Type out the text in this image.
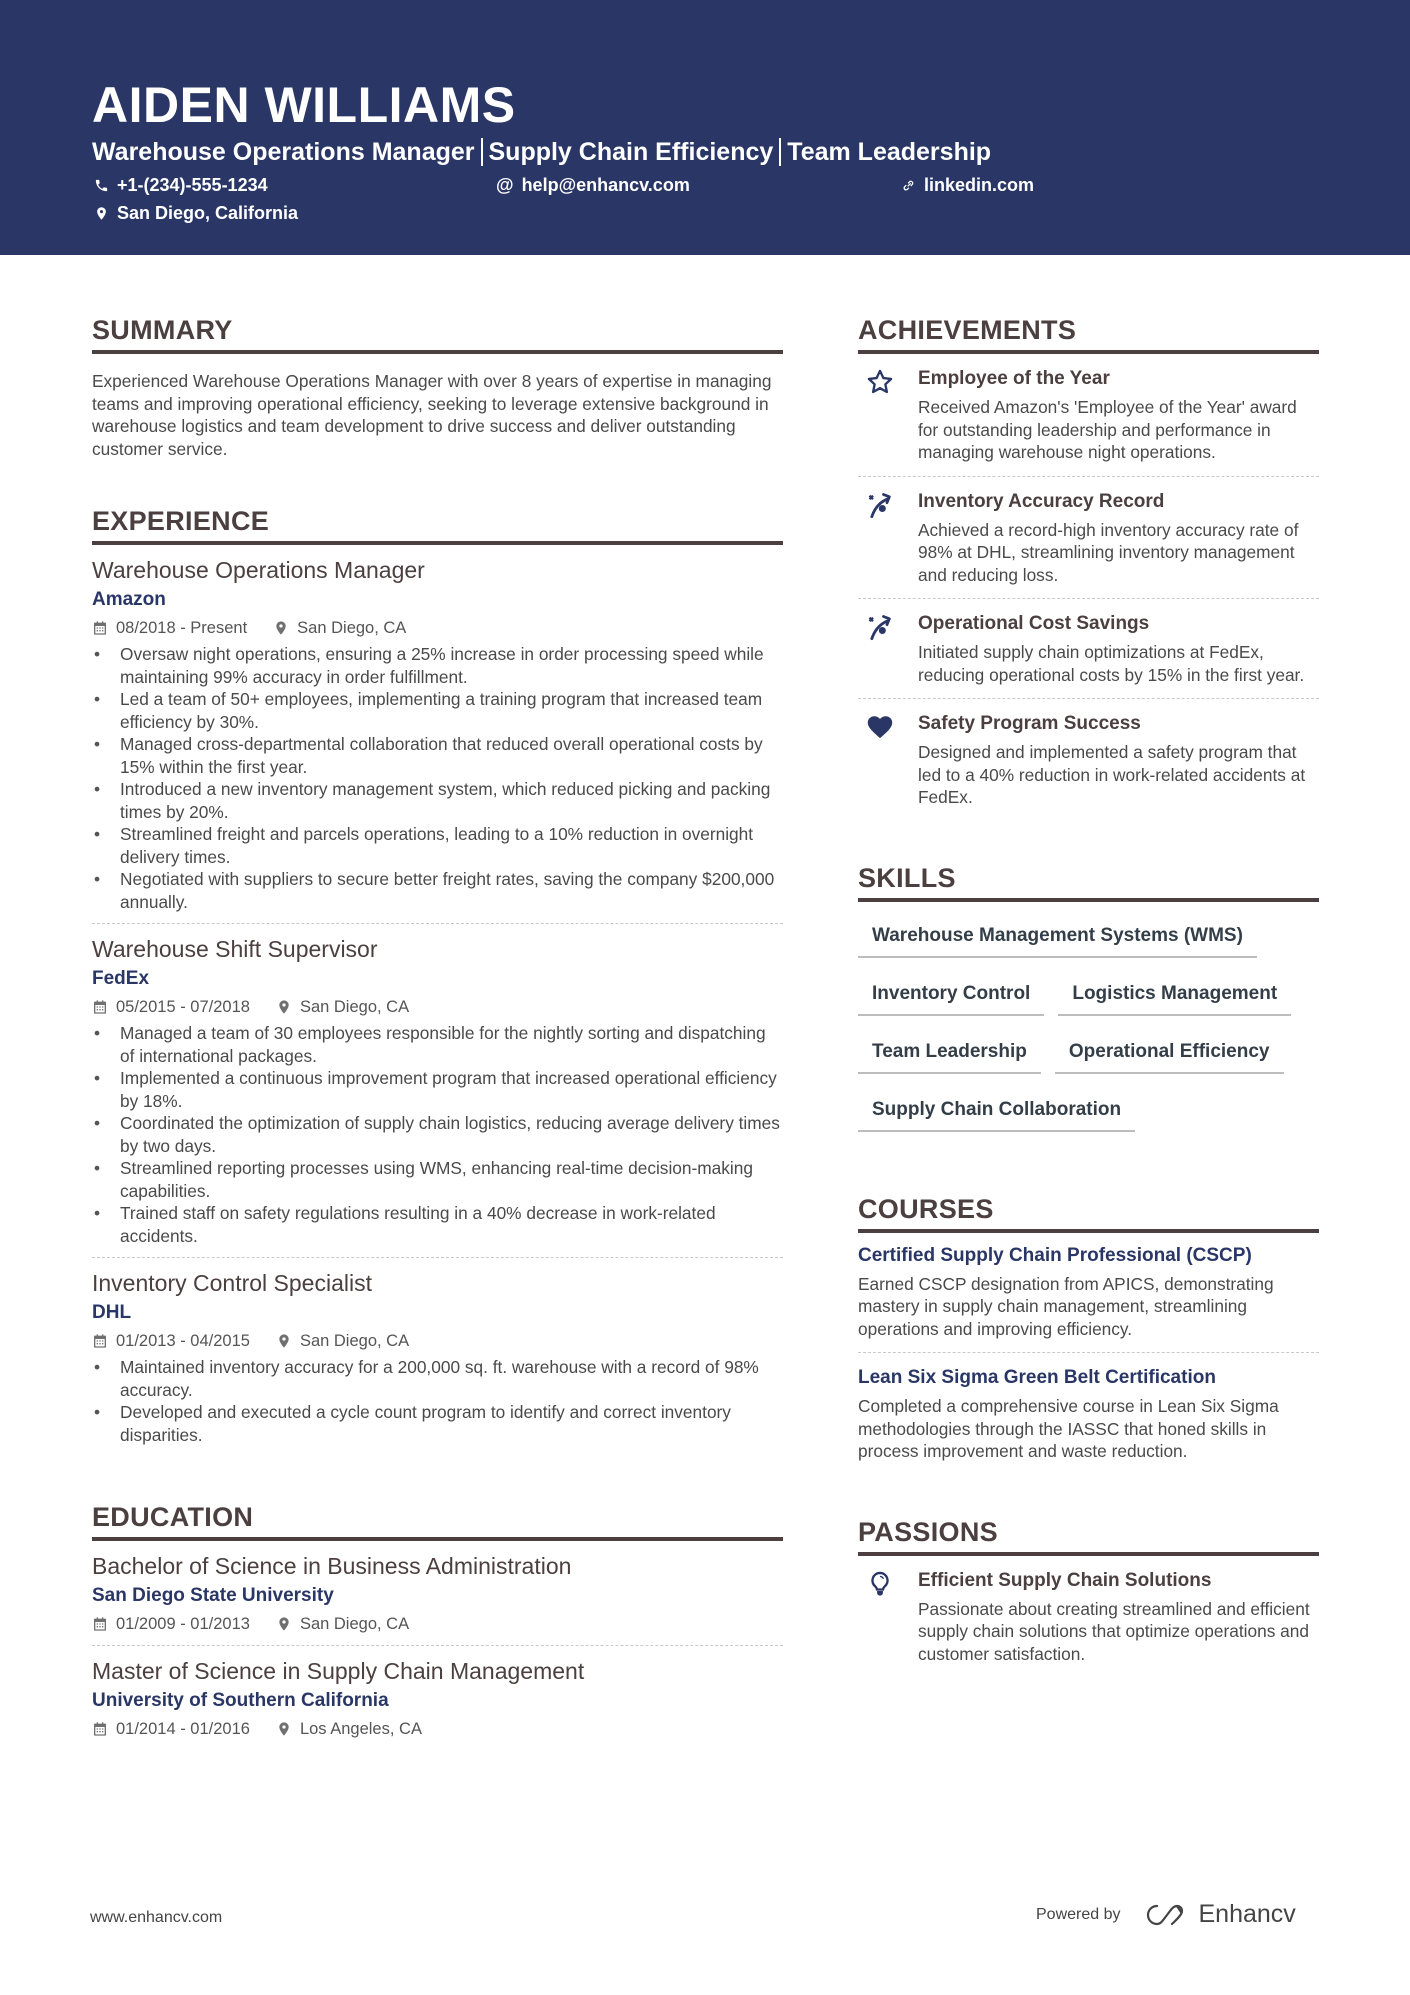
AIDEN WILLIAMS
Warehouse Operations Manager Supply Chain Efficiency Team Leadership
+1-(234)-555-1234	@ help@enhancv.com	linkedin.com
San Diego, California
SUMMARY

Experienced Warehouse Operations Manager with over 8 years of expertise in managing teams and improving operational efficiency, seeking to leverage extensive background in warehouse logistics and team development to drive success and deliver outstanding customer service.

EXPERIENCE
Warehouse Operations Manager
Amazon
08/2018 - Present	San Diego, CA
• Oversaw night operations, ensuring a 25% increase in order processing speed while maintaining 99% accuracy in order fulfillment.
• Led a team of 50+ employees, implementing a training program that increased team efficiency by 30%.
• Managed cross-departmental collaboration that reduced overall operational costs by 15% within the first year.
• Introduced a new inventory management system, which reduced picking and packing times by 20%.
• Streamlined freight and parcels operations, leading to a 10% reduction in overnight delivery times.
• Negotiated with suppliers to secure better freight rates, saving the company $200,000 annually.
Warehouse Shift Supervisor
FedEx
05/2015 - 07/2018	San Diego, CA
• Managed a team of 30 employees responsible for the nightly sorting and dispatching of international packages.
• Implemented a continuous improvement program that increased operational efficiency by 18%.
• Coordinated the optimization of supply chain logistics, reducing average delivery times by two days.
• Streamlined reporting processes using WMS, enhancing real-time decision-making capabilities.
• Trained staff on safety regulations resulting in a 40% decrease in work-related accidents.
Inventory Control Specialist
DHL
01/2013 - 04/2015	San Diego, CA
• Maintained inventory accuracy for a 200,000 sq. ft. warehouse with a record of 98% accuracy.
• Developed and executed a cycle count program to identify and correct inventory disparities.
EDUCATION
Bachelor of Science in Business Administration
San Diego State University
01/2009 - 01/2013	San Diego, CA
Master of Science in Supply Chain Management
University of Southern California
01/2014 - 01/2016	Los Angeles, CA
ACHIEVEMENTS
Employee of the Year
Received Amazon's 'Employee of the Year' award for outstanding leadership and performance in managing warehouse night operations.
Inventory Accuracy Record
Achieved a record-high inventory accuracy rate of 98% at DHL, streamlining inventory management and reducing loss.
Operational Cost Savings
Initiated supply chain optimizations at FedEx, reducing operational costs by 15% in the first year.
Safety Program Success
Designed and implemented a safety program that led to a 40% reduction in work-related accidents at FedEx.
SKILLS
Warehouse Management Systems (WMS)
Inventory Control	Logistics Management
Team Leadership	Operational Efficiency
Supply Chain Collaboration
COURSES
Certified Supply Chain Professional (CSCP)
Earned CSCP designation from APICS, demonstrating mastery in supply chain management, streamlining operations and improving efficiency.
Lean Six Sigma Green Belt Certification
Completed a comprehensive course in Lean Six Sigma methodologies through the IASSC that honed skills in process improvement and waste reduction.
PASSIONS
Efficient Supply Chain Solutions
Passionate about creating streamlined and efficient supply chain solutions that optimize operations and customer satisfaction.
www.enhancv.com	Powered by	Enhancv
